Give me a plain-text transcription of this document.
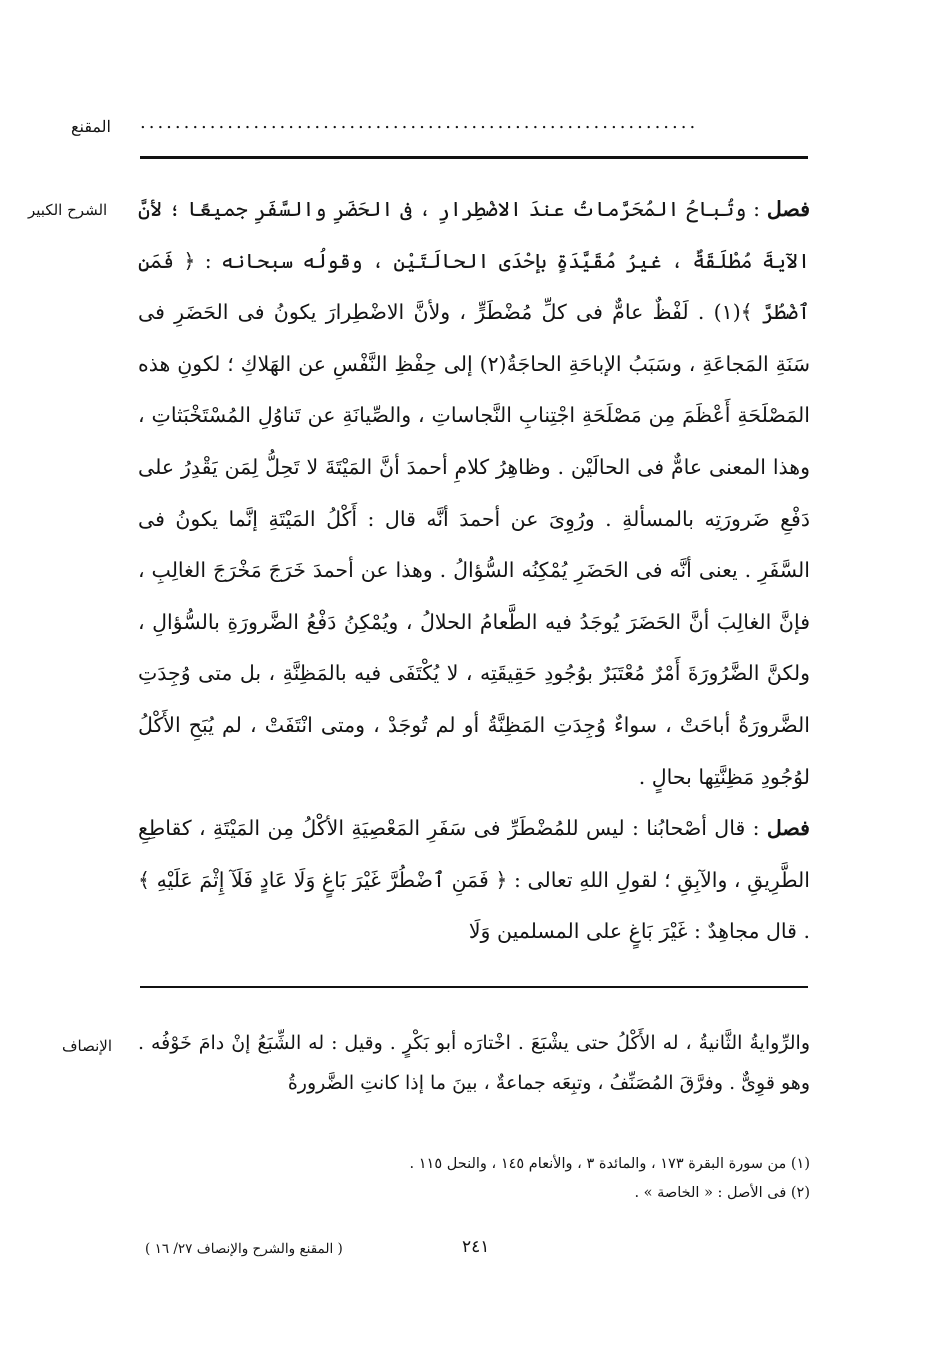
المقنع ................................................................
الشرح الكبير
الإنصاف

فصل : وتُباحُ المُحَرَّماتُ عندَ الاضْطِرارِ ، فى الحَضَرِ والسَّفَرِ جميعًا ؛ لأنَّ الآيةَ مُطْلَقَةٌ ، غيرُ مُقَيَّدَةٍ بإحْدَى الحالَتَيْن ، وقولُه سبحانه : ﴿ فَمَنِ ٱضْطُرَّ ﴾(١) . لَفْظٌ عامٌّ فى كلِّ مُضْطَرٍّ ، ولأنَّ الاضْطِرارَ يكونُ فى الحَضَرِ فى سَنَةِ المَجاعَةِ ، وسَبَبُ الإباحَةِ الحاجَةُ(٢) إلى حِفْظِ النَّفْسِ عن الهَلاكِ ؛ لكونِ هذه المَصْلَحَةِ أَعْظَمَ مِن مَصْلَحَةِ اجْتِنابِ النَّجاساتِ ، والصِّيانَةِ عن تَناوُلِ المُسْتَخْبَثاتِ ، وهذا المعنى عامٌّ فى الحالَيْن . وظاهِرُ كلامِ أحمدَ أنَّ المَيْتَةَ لا تَحِلُّ لِمَن يَقْدِرُ على دَفْعِ ضَرورَتِه بالمسألةِ . ورُوِىَ عن أحمدَ أنَّه قال : أَكْلُ المَيْتَةِ إنَّما يكونُ فى السَّفَرِ . يعنى أنَّه فى الحَضَرِ يُمْكِنُه السُّؤالُ . وهذا عن أحمدَ خَرَجَ مَخْرَجَ الغالِبِ ، فإنَّ الغالِبَ أنَّ الحَضَرَ يُوجَدُ فيه الطَّعامُ الحلالُ ، ويُمْكِنُ دَفْعُ الضَّرورَةِ بالسُّؤالِ ، ولكنَّ الضَّرُورَةَ أَمْرٌ مُعْتَبَرٌ بوُجُودِ حَقِيقَتِه ، لا يُكْتَفَى فيه بالمَظِنَّةِ ، بل متى وُجِدَتِ الضَّرورَةُ أباحَتْ ، سواءٌ وُجِدَتِ المَظِنَّةُ أو لم تُوجَدْ ، ومتى انْتَفَتْ ، لم يُبَحِ الأَكْلُ لوُجُودِ مَظِنَّتِها بحالٍ .

فصل : قال أصْحابُنا : ليس للمُضْطَرِّ فى سَفَرِ المَعْصِيَةِ الأكْلُ مِن المَيْتَةِ ، كقاطِعِ الطَّرِيقِ ، والآبِقِ ؛ لقولِ اللهِ تعالى : ﴿ فَمَنِ ٱضْطُرَّ غَيْرَ بَاغٍ وَلَا عَادٍ فَلَآ إِثْمَ عَلَيْهِ ﴾ . قال مجاهِدٌ : غَيْرَ بَاغٍ على المسلمين وَلَا

والرِّوايةُ الثَّانيةُ ، له الأَكْلُ حتى يشْبَعَ . اخْتارَه أبو بَكْرٍ . وقيل : له الشِّبَعُ إنْ دامَ خَوْفُه . وهو قوِىٌّ . وفرَّقَ المُصَنِّفُ ، وتبِعَه جماعةٌ ، بينَ ما إذا كانتِ الضَّرورةُ

(١) من سورة البقرة ١٧٣ ، والمائدة ٣ ، والأنعام ١٤٥ ، والنحل ١١٥ .
(٢) فى الأصل : « الخاصة » .
٢٤١
( المقنع والشرح والإنصاف ٢٧/ ١٦ )
